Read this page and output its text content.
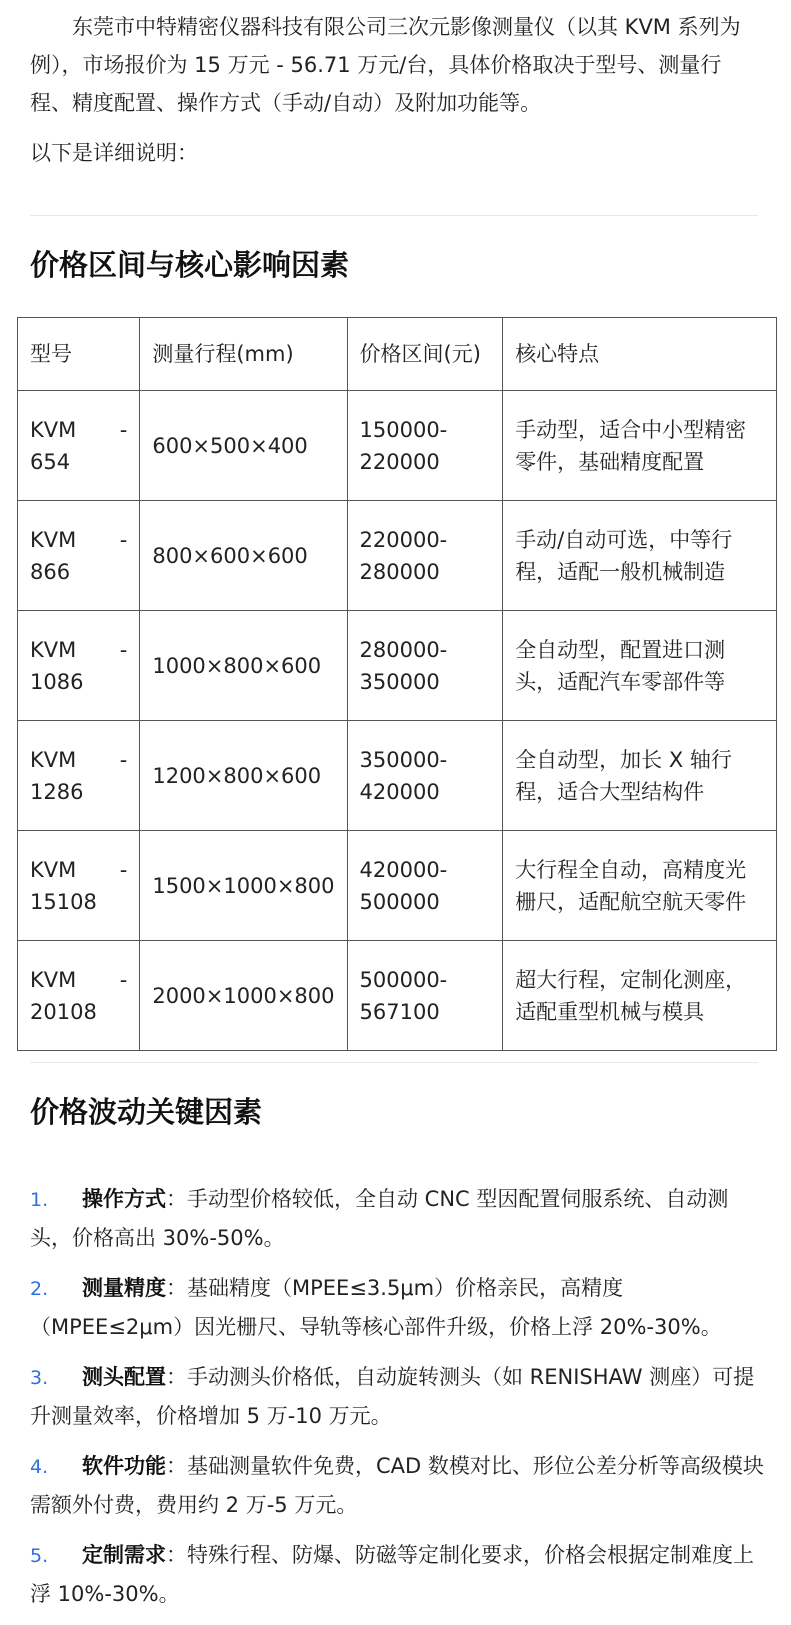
东莞市中特精密仪器科技有限公司三次元影像测量仪（以其 KVM 系列为例），市场报价为 15 万元 - 56.71 万元/台，具体价格取决于型号、测量行程、精度配置、操作方式（手动/自动）及附加功能等。

以下是详细说明：

价格区间与核心影响因素
型号	测量行程(mm)	价格区间(元)	核心特点

KVM -
654	600×500×400	150000-220000	手动型，适合中小型精密零件，基础精度配置

KVM -
866	800×600×600	220000-280000	手动/自动可选，中等行程，适配一般机械制造

KVM -
1086	1000×800×600	280000-350000	全自动型，配置进口测头，适配汽车零部件等

KVM -
1286	1200×800×600	350000-420000	全自动型，加长 X 轴行程，适合大型结构件

KVM -
15108	1500×1000×800	420000-500000	大行程全自动，高精度光栅尺，适配航空航天零件

KVM -
20108	2000×1000×800	500000-567100	超大行程，定制化测座，适配重型机械与模具
价格波动关键因素
1. 操作方式：手动型价格较低，全自动 CNC 型因配置伺服系统、自动测头，价格高出 30%-50%。
2. 测量精度：基础精度（MPEE≤3.5μm）价格亲民，高精度（MPEE≤2μm）因光栅尺、导轨等核心部件升级，价格上浮 20%-30%。
3. 测头配置：手动测头价格低，自动旋转测头（如 RENISHAW 测座）可提升测量效率，价格增加 5 万-10 万元。
4. 软件功能：基础测量软件免费，CAD 数模对比、形位公差分析等高级模块需额外付费，费用约 2 万-5 万元。
5. 定制需求：特殊行程、防爆、防磁等定制化要求，价格会根据定制难度上浮 10%-30%。
